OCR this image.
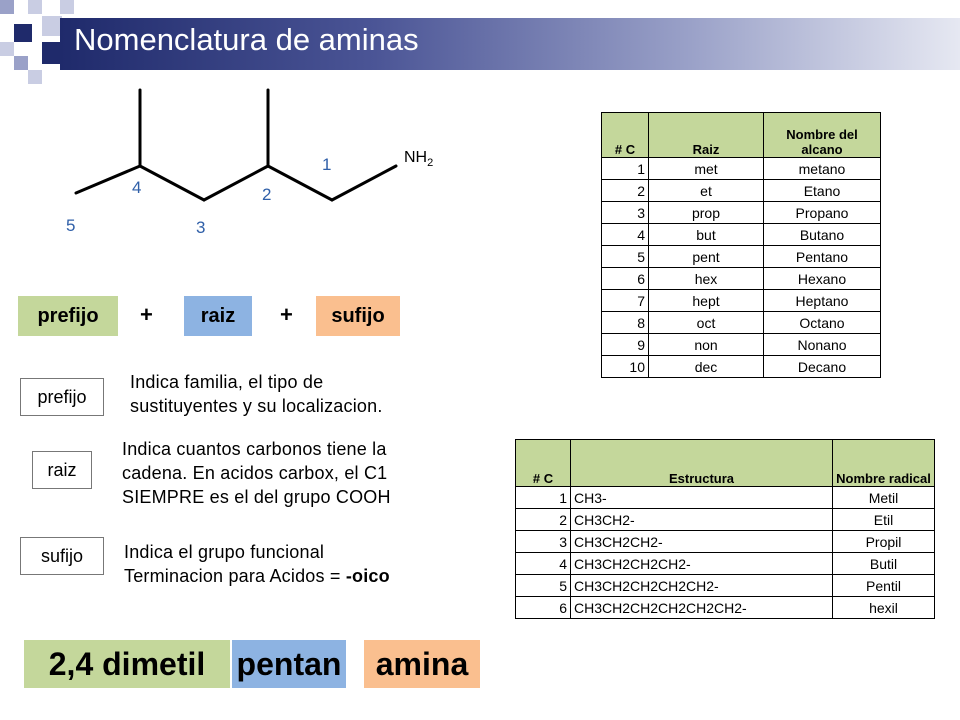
Nomenclatura de aminas
1
2
3
4
5
$NH_2$
prefijo	+	raiz	+	sufijo
prefijo
Indica familia, el tipo de
sustituyentes y su localizacion.
raiz
Indica cuantos carbonos tiene la
cadena. En acidos carbox, el C1
SIEMPRE es el del grupo COOH
sufijo	Indica el grupo funcional
Terminacion para Acidos = -oico
# C	Raiz	Nombre del alcano
1	met	metano
2	et	Etano
3	prop	Propano
4	but	Butano
5	pent	Pentano
6	hex	Hexano
7	hept	Heptano
8	oct	Octano
9	non	Nonano
10	dec	Decano
# C	Estructura	Nombre radical
1	CH3-	Metil
2	CH3CH2-	Etil
3	CH3CH2CH2-	Propil
4	CH3CH2CH2CH2-	Butil
5	CH3CH2CH2CH2CH2-	Pentil
6	CH3CH2CH2CH2CH2CH2-	hexil
2,4 dimetil pentan	amina
